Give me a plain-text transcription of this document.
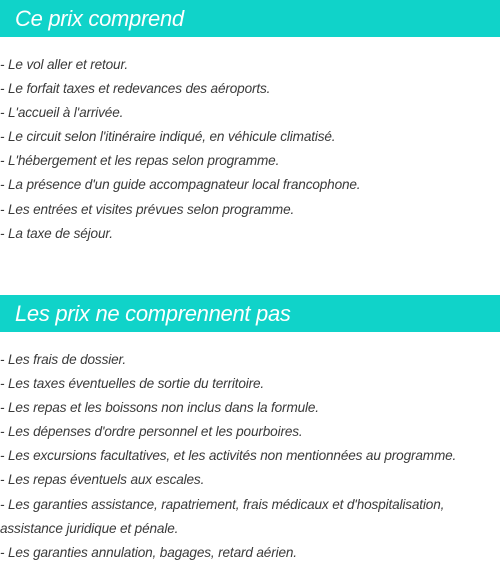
Ce prix comprend
- Le vol aller et retour.
- Le forfait taxes et redevances des aéroports.
- L'accueil à l'arrivée.
- Le circuit selon l'itinéraire indiqué, en véhicule climatisé.
- L'hébergement et les repas selon programme.
- La présence d'un guide accompagnateur local francophone.
- Les entrées et visites prévues selon programme.
- La taxe de séjour.
Les prix ne comprennent pas
- Les frais de dossier.
- Les taxes éventuelles de sortie du territoire.
- Les repas et les boissons non inclus dans la formule.
- Les dépenses d'ordre personnel et les pourboires.
- Les excursions facultatives, et les activités non mentionnées au programme.
- Les repas éventuels aux escales.
- Les garanties assistance, rapatriement, frais médicaux et d'hospitalisation, assistance juridique et pénale.
- Les garanties annulation, bagages, retard aérien.
